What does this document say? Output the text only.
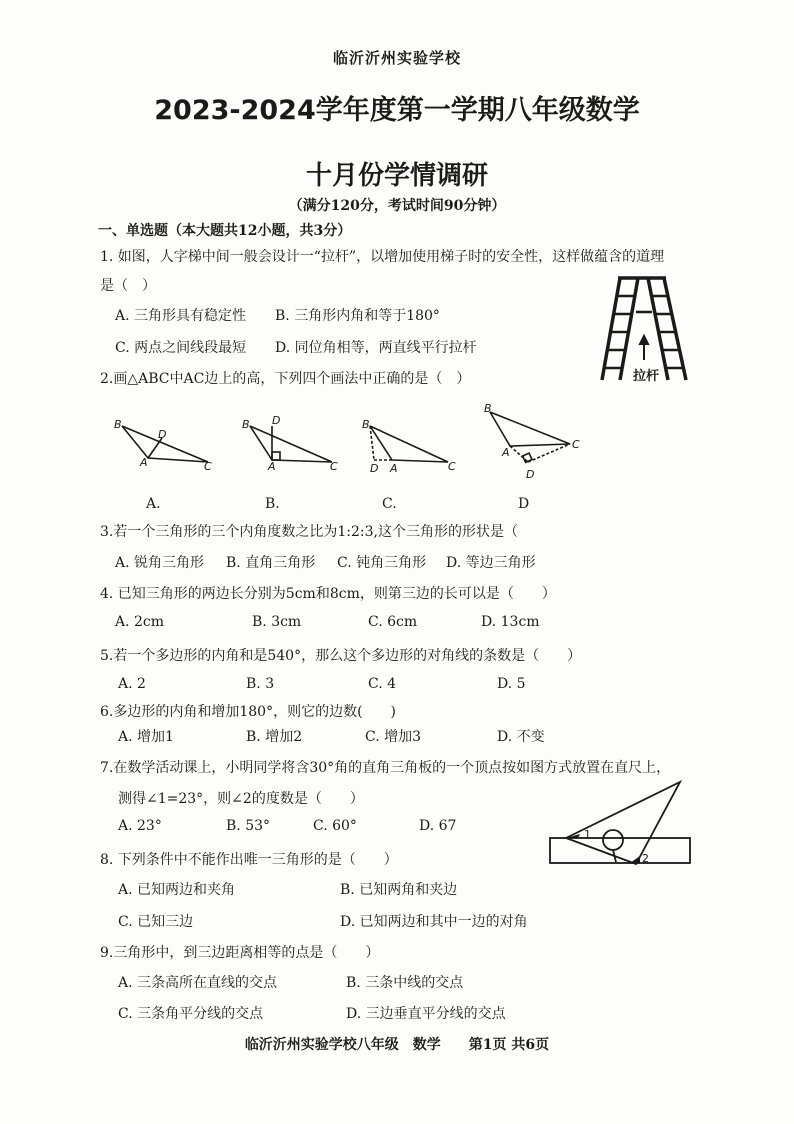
临沂沂州实验学校
2023-2024学年度第一学期八年级数学
十月份学情调研
（满分120分，考试时间90分钟）
一、单选题（本大题共12小题，共3分）
1. 如图，人字梯中间一般会设计一“拉杆”，以增加使用梯子时的安全性，这样做蕴含的道理
是（　）
A. 三角形具有稳定性 B. 三角形内角和等于180°
C. 两点之间线段最短 D. 同位角相等，两直线平行拉杆
拉杆
2.画△ABC中AC边上的高，下列四个画法中正确的是（　）
B
D
A	C
B D
A	C
B
D A	C
B
A
C
D
A.	B.	C.	D
3.若一个三角形的三个内角度数之比为1:2:3,这个三角形的形状是（
A. 锐角三角形 B. 直角三角形 C. 钝角三角形 D. 等边三角形
4. 已知三角形的两边长分别为5cm和8cm，则第三边的长可以是（　　）
A. 2cm	B. 3cm	C. 6cm	D. 13cm
5.若一个多边形的内角和是540°，那么这个多边形的对角线的条数是（　　）
A. 2	B. 3	C. 4	D. 5
6.多边形的内角和增加180°，则它的边数(　　)
A. 增加1	B. 增加2	C. 增加3	D. 不变
7.在数学活动课上，小明同学将含30°角的直角三角板的一个顶点按如图方式放置在直尺上，
测得∠1=23°，则∠2的度数是（　　）
A. 23°	B. 53°	C. 60°	D. 67
1
2
8. 下列条件中不能作出唯一三角形的是（　　）
A. 已知两边和夹角	B. 已知两角和夹边
C. 已知三边	D. 已知两边和其中一边的对角
9.三角形中，到三边距离相等的点是（　　）
A. 三条高所在直线的交点	B. 三条中线的交点
C. 三条角平分线的交点	D. 三边垂直平分线的交点
临沂沂州实验学校八年级　数学　　第1页 共6页
